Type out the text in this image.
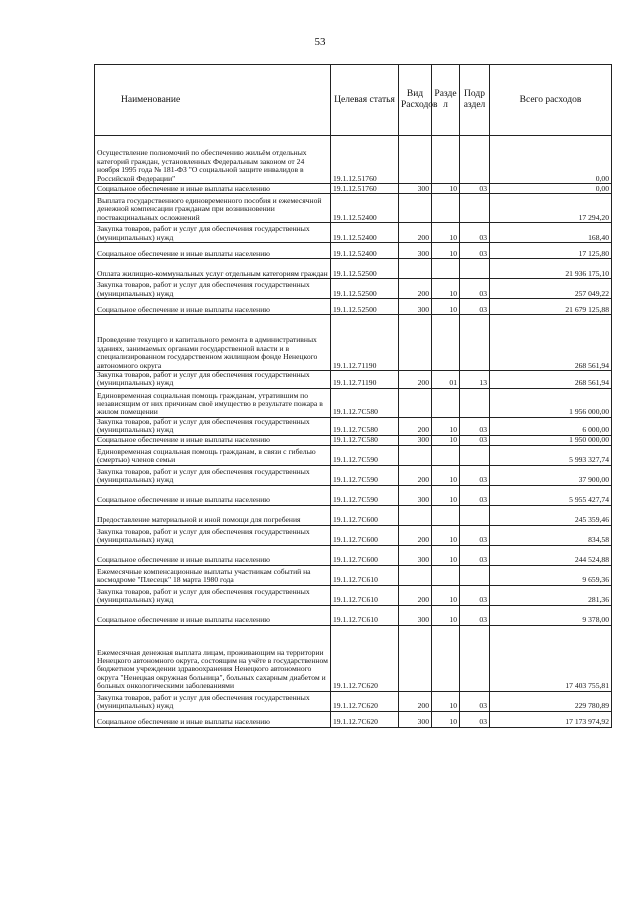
53
Наименование	Целевая статья	Вид Расходов	Разде л	Подр аздел	Всего расходов
Осуществление полномочий по обеспечению жильём отдельных категорий граждан, установленных Федеральным законом от 24 ноября 1995 года № 181-ФЗ "О социальной защите инвалидов в Российской Федерации"	19.1.12.51760				0,00
Социальное обеспечение и иные выплаты населению	19.1.12.51760	300	10	03	0,00
Выплата государственного единовременного пособия и ежемесячной денежной компенсации гражданам при возникновении поствакцинальных осложнений	19.1.12.52400				17 294,20
Закупка товаров, работ и услуг для обеспечения государственных (муниципальных) нужд	19.1.12.52400	200	10	03	168,40
Социальное обеспечение и иные выплаты населению	19.1.12.52400	300	10	03	17 125,80
Оплата жилищно-коммунальных услуг отдельным категориям граждан	19.1.12.52500				21 936 175,10
Закупка товаров, работ и услуг для обеспечения государственных (муниципальных) нужд	19.1.12.52500	200	10	03	257 049,22
Социальное обеспечение и иные выплаты населению	19.1.12.52500	300	10	03	21 679 125,88
Проведение текущего и капитального ремонта в административных зданиях, занимаемых органами государственной власти и в специализированном государственном жилищном фонде Ненецкого автономного округа	19.1.12.71190				268 561,94
Закупка товаров, работ и услуг для обеспечения государственных (муниципальных) нужд	19.1.12.71190	200	01	13	268 561,94
Единовременная социальная помощь гражданам, утратившим по независящим от них причинам своё имущество в результате пожара в жилом помещении	19.1.12.7С580				1 956 000,00
Закупка товаров, работ и услуг для обеспечения государственных (муниципальных) нужд	19.1.12.7С580	200	10	03	6 000,00
Социальное обеспечение и иные выплаты населению	19.1.12.7С580	300	10	03	1 950 000,00
Единовременная социальная помощь гражданам, в связи с гибелью (смертью) членов семьи	19.1.12.7С590				5 993 327,74
Закупка товаров, работ и услуг для обеспечения государственных (муниципальных) нужд	19.1.12.7С590	200	10	03	37 900,00
Социальное обеспечение и иные выплаты населению	19.1.12.7С590	300	10	03	5 955 427,74
Предоставление материальной и иной помощи для погребения	19.1.12.7С600				245 359,46
Закупка товаров, работ и услуг для обеспечения государственных (муниципальных) нужд	19.1.12.7С600	200	10	03	834,58
Социальное обеспечение и иные выплаты населению	19.1.12.7С600	300	10	03	244 524,88
Ежемесячные компенсационные выплаты участникам событий на космодроме "Плесецк" 18 марта 1980 года	19.1.12.7С610				9 659,36
Закупка товаров, работ и услуг для обеспечения государственных (муниципальных) нужд	19.1.12.7С610	200	10	03	281,36
Социальное обеспечение и иные выплаты населению	19.1.12.7С610	300	10	03	9 378,00
Ежемесячная денежная выплата лицам, проживающим на территории Ненецкого автономного округа, состоящим на учёте в государственном бюджетном учреждении здравоохранения Ненецкого автономного округа "Ненецкая окружная больница", больных сахарным диабетом и больных онкологическими заболеваниями	19.1.12.7С620				17 403 755,81
Закупка товаров, работ и услуг для обеспечения государственных (муниципальных) нужд	19.1.12.7С620	200	10	03	229 780,89
Социальное обеспечение и иные выплаты населению	19.1.12.7С620	300	10	03	17 173 974,92
